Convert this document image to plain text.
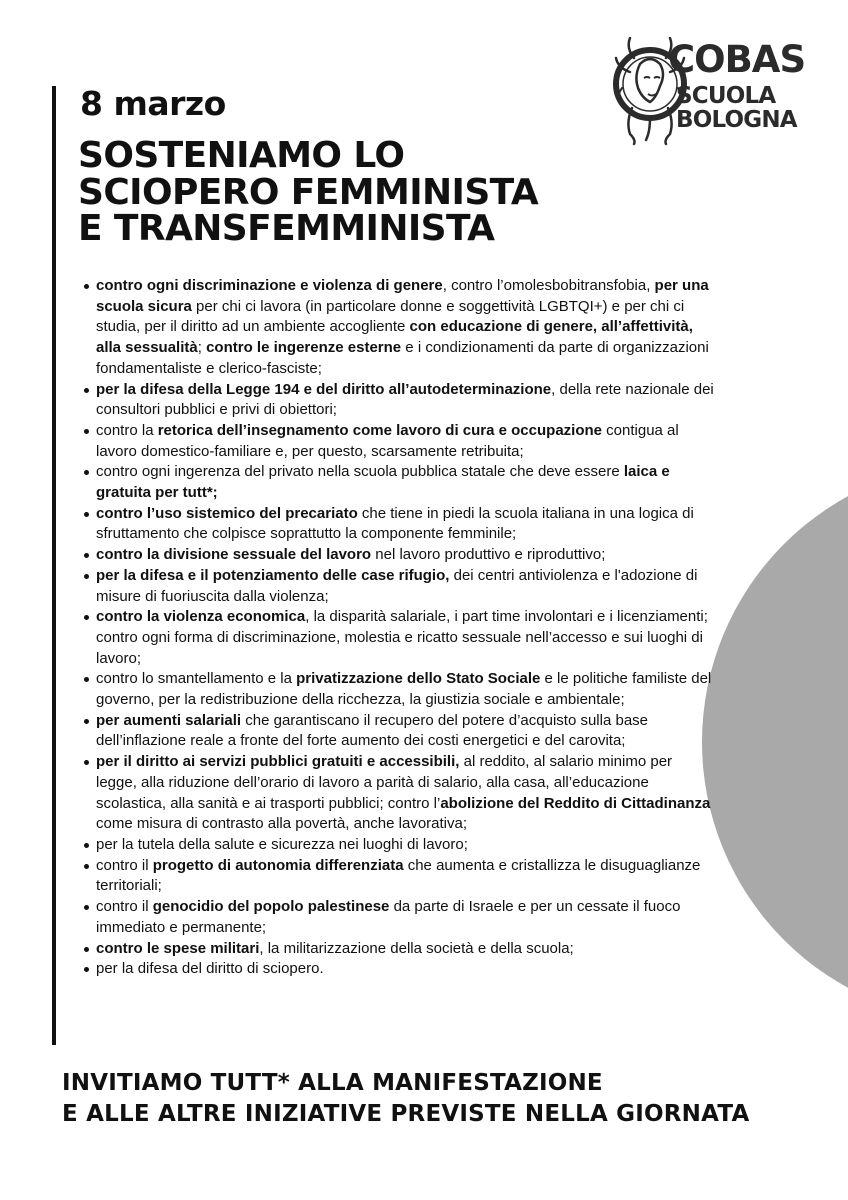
COBAS
SCUOLA
BOLOGNA
8 marzo
SOSTENIAMO LO
SCIOPERO FEMMINISTA
E TRANSFEMMINISTA
contro ogni discriminazione e violenza di genere, contro l’omolesbobitransfobia, per una scuola sicura per chi ci lavora (in particolare donne e soggettività LGBTQI+) e per chi ci studia, per il diritto ad un ambiente accogliente con educazione di genere, all’affettività, alla sessualità; contro le ingerenze esterne e i condizionamenti da parte di organizzazioni fondamentaliste e clerico-fasciste;
per la difesa della Legge 194 e del diritto all’autodeterminazione, della rete nazionale dei consultori pubblici e privi di obiettori;
contro la retorica dell’insegnamento come lavoro di cura e occupazione contigua al lavoro domestico-familiare e, per questo, scarsamente retribuita;
contro ogni ingerenza del privato nella scuola pubblica statale che deve essere laica e gratuita per tutt*;
contro l’uso sistemico del precariato che tiene in piedi la scuola italiana in una logica di sfruttamento che colpisce soprattutto la componente femminile;
contro la divisione sessuale del lavoro nel lavoro produttivo e riproduttivo;
per la difesa e il potenziamento delle case rifugio, dei centri antiviolenza e l'adozione di misure di fuoriuscita dalla violenza;
contro la violenza economica, la disparità salariale, i part time involontari e i licenziamenti; contro ogni forma di discriminazione, molestia e ricatto sessuale nell’accesso e sui luoghi di lavoro;
contro lo smantellamento e la privatizzazione dello Stato Sociale e le politiche familiste del governo, per la redistribuzione della ricchezza, la giustizia sociale e ambientale;
per aumenti salariali che garantiscano il recupero del potere d’acquisto sulla base dell’inflazione reale a fronte del forte aumento dei costi energetici e del carovita;
per il diritto ai servizi pubblici gratuiti e accessibili, al reddito, al salario minimo per legge, alla riduzione dell’orario di lavoro a parità di salario, alla casa, all’educazione scolastica, alla sanità e ai trasporti pubblici; contro l’abolizione del Reddito di Cittadinanza come misura di contrasto alla povertà, anche lavorativa;
per la tutela della salute e sicurezza nei luoghi di lavoro;
contro il progetto di autonomia differenziata che aumenta e cristallizza le disuguaglianze territoriali;
contro il genocidio del popolo palestinese da parte di Israele e per un cessate il fuoco immediato e permanente;
contro le spese militari, la militarizzazione della società e della scuola;
per la difesa del diritto di sciopero.
INVITIAMO TUTT* ALLA MANIFESTAZIONE
E ALLE ALTRE INIZIATIVE PREVISTE NELLA GIORNATA
